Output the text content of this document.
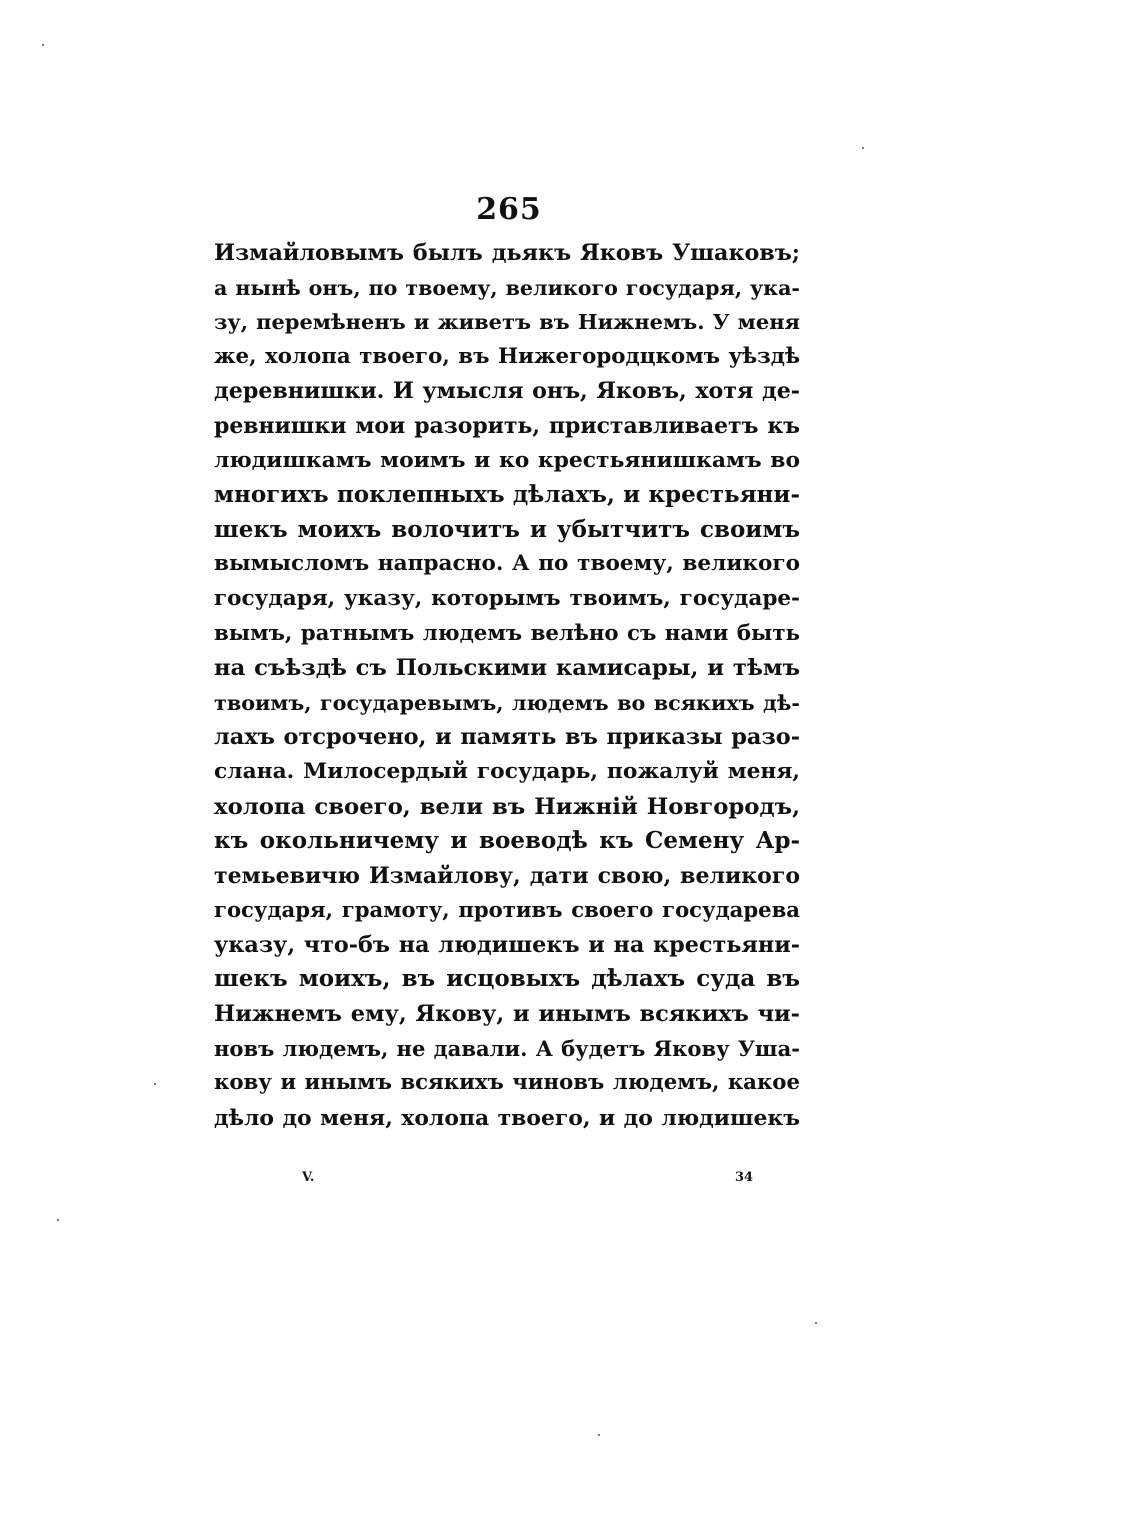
265
Измайловымъ былъ дьякъ Яковъ Ушаковъ;
а нынѣ онъ, по твоему, великого государя, ука-
зу, перемѣненъ и живетъ въ Нижнемъ. У меня
же, холопа твоего, въ Нижегородцкомъ уѣздѣ
деревнишки. И умысля онъ, Яковъ, хотя де-
ревнишки мои разорить, приставливаетъ къ
людишкамъ моимъ и ко крестьянишкамъ во
многихъ поклепныхъ дѣлахъ, и крестьяни-
шекъ моихъ волочитъ и убытчитъ своимъ
вымысломъ напрасно. А по твоему, великого
государя, указу, которымъ твоимъ, государе-
вымъ, ратнымъ людемъ велѣно съ нами быть
на съѣздѣ съ Польскими камисары, и тѣмъ
твоимъ, государевымъ, людемъ во всякихъ дѣ-
лахъ отсрочено, и память въ приказы разо-
слана. Милосердый государь, пожалуй меня,
холопа своего, вели въ Нижній Новгородъ,
къ окольничему и воеводѣ къ Семену Ар-
темьевичю Измайлову, дати свою, великого
государя, грамоту, противъ своего государева
указу, что-бъ на людишекъ и на крестьяни-
шекъ моихъ, въ исцовыхъ дѣлахъ суда въ
Нижнемъ ему, Якову, и инымъ всякихъ чи-
новъ людемъ, не давали. А будетъ Якову Уша-
кову и инымъ всякихъ чиновъ людемъ, какое
дѣло до меня, холопа твоего, и до людишекъ
V.	34
